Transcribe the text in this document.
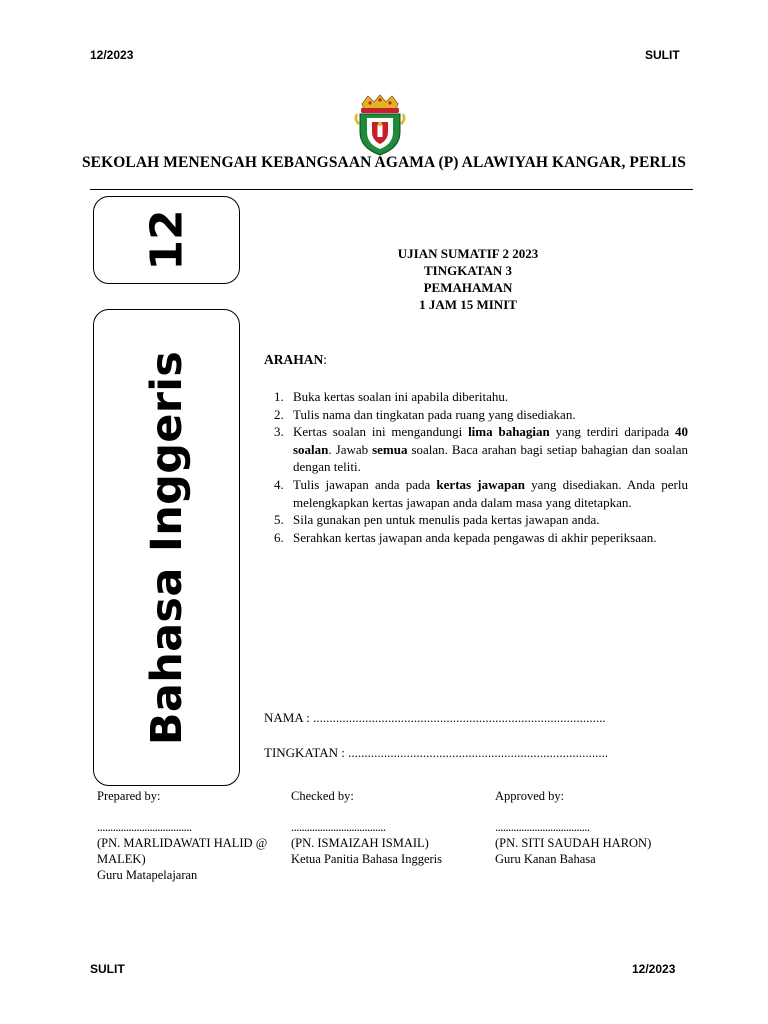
12/2023	SULIT
SEKOLAH MENENGAH KEBANGSAAN AGAMA (P) ALAWIYAH KANGAR, PERLIS
12
Bahasa Inggeris
UJIAN SUMATIF 2 2023
TINGKATAN 3
PEMAHAMAN
1 JAM 15 MINIT
ARAHAN:
1. Buka kertas soalan ini apabila diberitahu.
2. Tulis nama dan tingkatan pada ruang yang disediakan.
3. Kertas soalan ini mengandungi lima bahagian yang terdiri daripada 40 soalan. Jawab semua soalan. Baca arahan bagi setiap bahagian dan soalan dengan teliti.
4. Tulis jawapan anda pada kertas jawapan yang disediakan. Anda perlu melengkapkan kertas jawapan anda dalam masa yang ditetapkan.
5. Sila gunakan pen untuk menulis pada kertas jawapan anda.
6. Serahkan kertas jawapan anda kepada pengawas di akhir peperiksaan.
NAMA : ..........................................................................................
TINGKATAN : ................................................................................
Prepared by:
....................................
(PN. MARLIDAWATI HALID @ MALEK)
Guru Matapelajaran
Checked by:
....................................
(PN. ISMAIZAH ISMAIL)
Ketua Panitia Bahasa Inggeris
Approved by:
....................................
(PN. SITI SAUDAH HARON)
Guru Kanan Bahasa
SULIT	12/2023
